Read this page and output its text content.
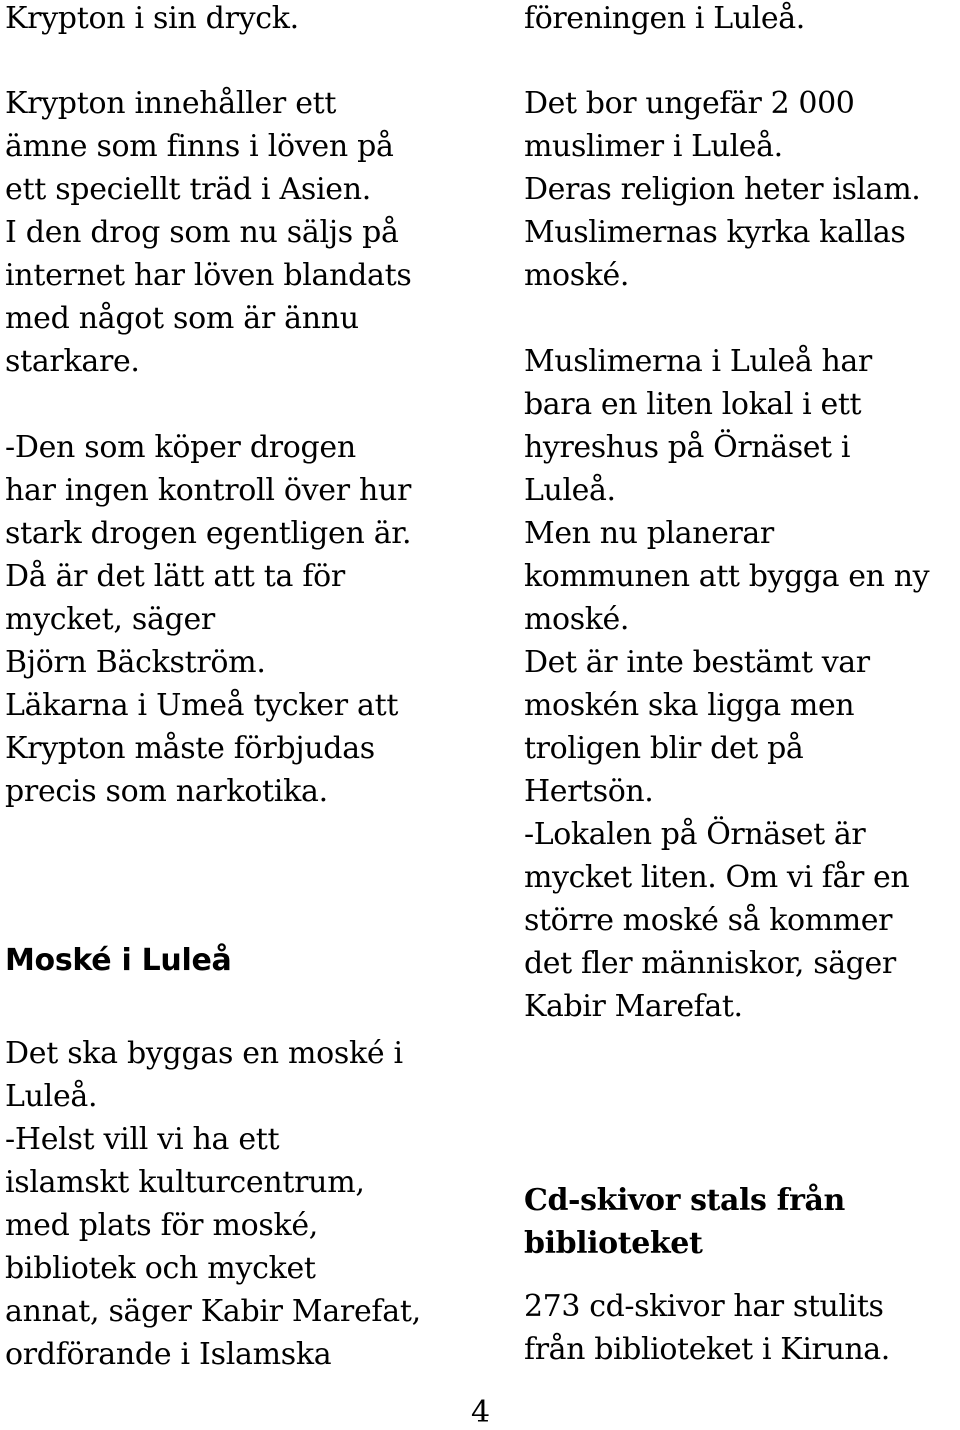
Krypton i sin dryck.
Krypton innehåller ett
ämne som finns i löven på
ett speciellt träd i Asien.
I den drog som nu säljs på
internet har löven blandats
med något som är ännu
starkare.
-Den som köper drogen
har ingen kontroll över hur
stark drogen egentligen är.
Då är det lätt att ta för
mycket, säger
Björn Bäckström.
Läkarna i Umeå tycker att
Krypton måste förbjudas
precis som narkotika.
Moské i Luleå
Det ska byggas en moské i
Luleå.
-Helst vill vi ha ett
islamskt kulturcentrum,
med plats för moské,
bibliotek och mycket
annat, säger Kabir Marefat,
ordförande i Islamska
föreningen i Luleå.
Det bor ungefär 2 000
muslimer i Luleå.
Deras religion heter islam.
Muslimernas kyrka kallas
moské.
Muslimerna i Luleå har
bara en liten lokal i ett
hyreshus på Örnäset i
Luleå.
Men nu planerar
kommunen att bygga en ny
moské.
Det är inte bestämt var
moskén ska ligga men
troligen blir det på
Hertsön.
-Lokalen på Örnäset är
mycket liten. Om vi får en
större moské så kommer
det fler människor, säger
Kabir Marefat.
Cd-skivor stals från
biblioteket
273 cd-skivor har stulits
från biblioteket i Kiruna.
4
